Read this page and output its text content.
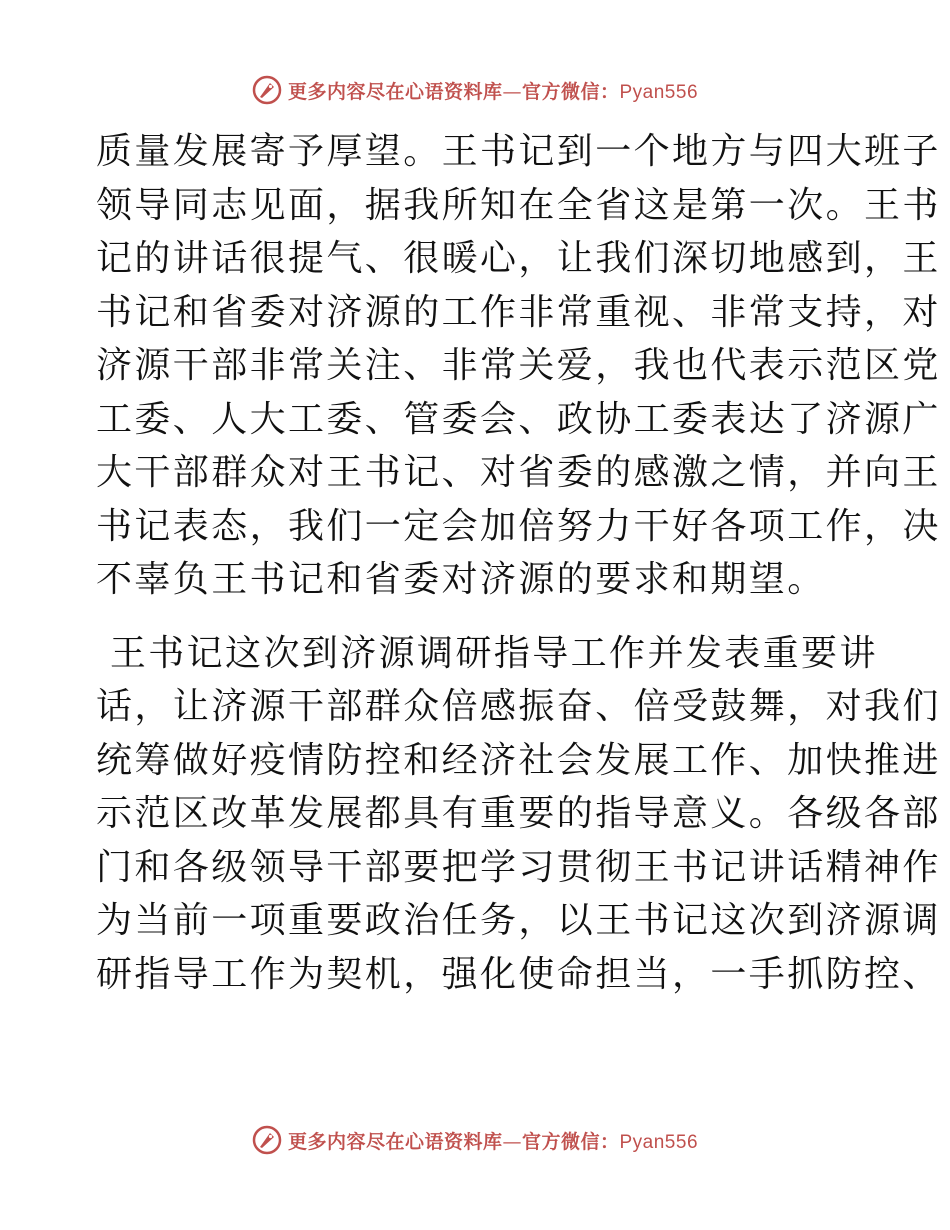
更多内容尽在心语资料库—官方微信：Pyan556
质量发展寄予厚望。王书记到一个地方与四大班子
领导同志见面，据我所知在全省这是第一次。王书
记的讲话很提气、很暖心，让我们深切地感到，王
书记和省委对济源的工作非常重视、非常支持，对
济源干部非常关注、非常关爱，我也代表示范区党
工委、人大工委、管委会、政协工委表达了济源广
大干部群众对王书记、对省委的感激之情，并向王
书记表态，我们一定会加倍努力干好各项工作，决
不辜负王书记和省委对济源的要求和期望。
王书记这次到济源调研指导工作并发表重要讲
话，让济源干部群众倍感振奋、倍受鼓舞，对我们
统筹做好疫情防控和经济社会发展工作、加快推进
示范区改革发展都具有重要的指导意义。各级各部
门和各级领导干部要把学习贯彻王书记讲话精神作
为当前一项重要政治任务，以王书记这次到济源调
研指导工作为契机，强化使命担当，一手抓防控、
更多内容尽在心语资料库—官方微信：Pyan556
